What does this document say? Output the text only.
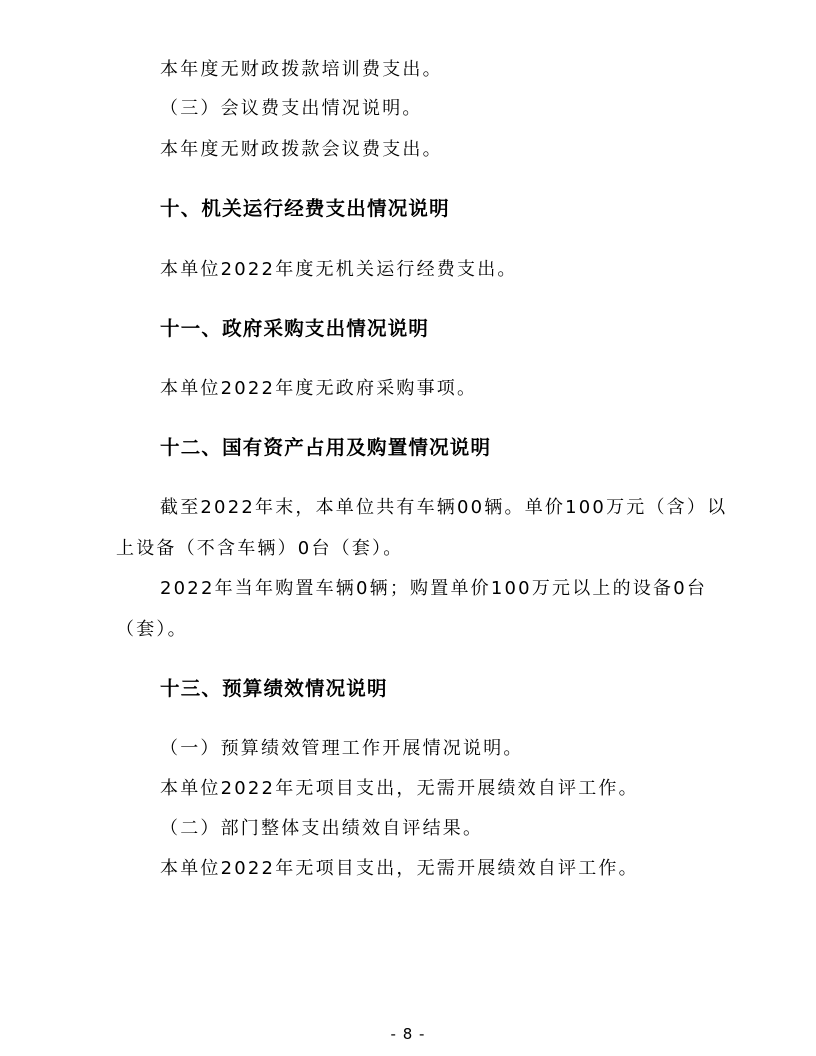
本年度无财政拨款培训费支出。

（三）会议费支出情况说明。

本年度无财政拨款会议费支出。

十、机关运行经费支出情况说明

本单位2022年度无机关运行经费支出。

十一、政府采购支出情况说明

本单位2022年度无政府采购事项。

十二、国有资产占用及购置情况说明

截至2022年末，本单位共有车辆00辆。单价100万元（含）以

上设备（不含车辆）0台（套）。

2022年当年购置车辆0辆；购置单价100万元以上的设备0台

（套）。

十三、预算绩效情况说明

（一）预算绩效管理工作开展情况说明。

本单位2022年无项目支出，无需开展绩效自评工作。

（二）部门整体支出绩效自评结果。

本单位2022年无项目支出，无需开展绩效自评工作。

- 8 -
